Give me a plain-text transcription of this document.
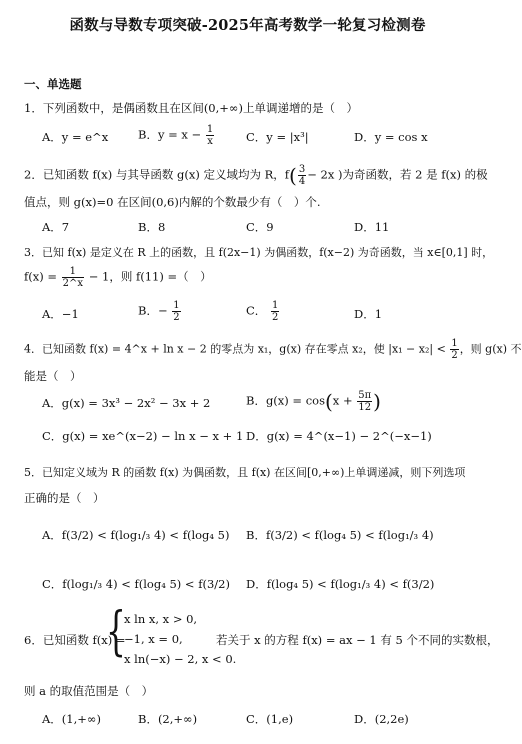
函数与导数专项突破-2025年高考数学一轮复习检测卷
一、单选题
1．下列函数中，是偶函数且在区间(0,+∞)上单调递增的是（　）
A．y = e^x	B．$y = x - \frac{1}{x}$	C．y = |x³|	D．y = cos x
2．已知函数 f(x) 与其导函数 g(x) 定义域均为 R，$f( \frac{3}{4} - 2x$ )为奇函数，若 2 是 f(x) 的极
值点，则 g(x)=0 在区间(0,6)内解的个数最少有（　）个.
A．7	B．8	C．9	D．11
3．已知 f(x) 是定义在 R 上的函数，且 f(2x−1) 为偶函数，f(x−2) 为奇函数，当 x∈[0,1] 时，
$f(x) = \frac{1}{2\^{}x} - 1$，则 f(11) =（　）
A．−1	B．− $\frac{1}{2}$	C． $\frac{1}{2}$	D．1
4．已知函数 f(x) = 4^x + ln x − 2 的零点为 x₁，g(x) 存在零点 x₂，使 $|x_1 - x_2| < \frac{1}{2}$ ，则 g(x) 不
能是（　）
A．g(x) = 3x³ − 2x² − 3x + 2	B．$g(x) = \cos(x + \frac{5\pi}{12}$ )
C．g(x) = xe^(x−2) − ln x − x + 1 D．g(x) = 4^(x−1) − 2^(−x−1)
5．已知定义域为 R 的函数 f(x) 为偶函数，且 f(x) 在区间[0,+∞)上单调递减，则下列选项
正确的是（　）
A．f(3/2) < f(log₁/₃ 4) < f(log₄ 5) B．f(3/2) < f(log₄ 5) < f(log₁/₃ 4)
C．f(log₁/₃ 4) < f(log₄ 5) < f(3/2) D．f(log₄ 5) < f(log₁/₃ 4) < f(3/2)
6．已知函数 f(x) =
{
x ln x, x > 0,
−1, x = 0,
x ln(−x) − 2, x < 0.
若关于 x 的方程 f(x) = ax − 1 有 5 个不同的实数根，
则 a 的取值范围是（　）
A．(1,+∞)	B．(2,+∞)	C．(1,e)	D．(2,2e)
